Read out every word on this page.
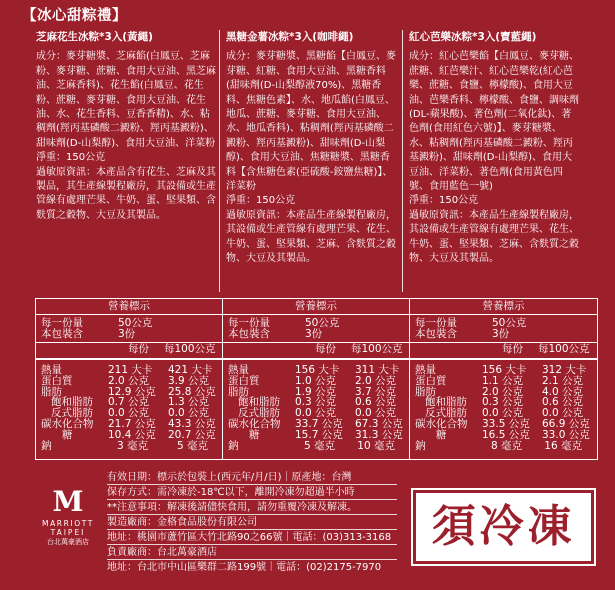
【冰心甜粽禮】
芝麻花生冰粽*3入(黃繩)

成分：麥芽糖漿、芝麻餡(白鳳豆、芝麻粉、麥芽糖、蔗糖、食用大豆油、黑芝麻油、芝麻香料)、花生餡(白鳳豆、花生粉、蔗糖、麥芽糖、食用大豆油、花生油、水、花生香料、豆香香精)、水、粘稠劑(羥丙基磷酸二澱粉、羥丙基澱粉)、甜味劑(D-山梨醇)、食用大豆油、洋菜粉

淨重：150公克

過敏原資訊：本產品含有花生、芝麻及其製品，其生產線製程廠房，其設備或生產管線有處理芒果、牛奶、蛋、堅果類、含麩質之穀物、大豆及其製品。

黑糖金薯冰粽*3入(咖啡繩)

成分：麥芽糖漿、黑糖餡【白鳳豆、麥芽糖、紅糖、食用大豆油、黑糖香料(甜味劑(D-山梨醇液70%)、黑糖香料、焦糖色素】、水、地瓜餡(白鳳豆、地瓜、蔗糖、麥芽糖、食用大豆油、水、地瓜香料)、粘稠劑(羥丙基磷酸二澱粉、羥丙基澱粉)、甜味劑(D-山梨醇)、食用大豆油、焦糖糖漿、黑糖香料【含焦糖色素(亞硫酸-銨鹽焦糖)】、洋菜粉

淨重：150公克

過敏原資訊：本產品生產線製程廠房，其設備或生產管線有處理芒果、花生、牛奶、蛋、堅果類、芝麻、含麩質之穀物、大豆及其製品。

紅心芭樂冰粽*3入(寶藍繩)

成分：紅心芭樂餡【白鳳豆、麥芽糖、蔗糖、紅芭樂汁、紅心芭樂乾(紅心芭樂、蔗糖、食鹽、檸檬酸)、食用大豆油、芭樂香料、檸檬酸、食鹽、調味劑(DL-蘋果酸)、著色劑(二氧化鈦)、著色劑(食用紅色六號)】、麥芽糖漿、水、粘稠劑(羥丙基磷酸二澱粉、羥丙基澱粉)、甜味劑(D-山梨醇)、食用大豆油、洋菜粉、著色劑(食用黃色四號、食用藍色一號)

淨重：150公克

過敏原資訊：本產品生產線製程廠房，其設備或生產管線有處理芒果、花生、牛奶、蛋、堅果類、芝麻、含麩質之穀物、大豆及其製品。

營養標示
每一份量	50公克
本包裝含	3份
每份 每100公克
熱量	211 大卡 421 大卡
蛋白質	2.0 公克 3.9 公克
脂肪	12.9 公克 25.8 公克
飽和脂肪 0.7 公克 1.3 公克
反式脂肪 0.0 公克 0.0 公克
碳水化合物 21.7 公克 43.3 公克
糖	10.4 公克 20.7 公克
鈉	3 毫克	5 毫克
營養標示
每一份量	50公克
本包裝含	3份
每份 每100公克
熱量	156 大卡 311 大卡
蛋白質	1.0 公克 2.0 公克
脂肪	1.9 公克 3.7 公克
飽和脂肪 0.3 公克 0.6 公克
反式脂肪 0.0 公克 0.0 公克
碳水化合物 33.7 公克 67.3 公克
糖	15.7 公克 31.3 公克
鈉	5 毫克 10 毫克
營養標示
每一份量	50公克
本包裝含	3份
每份 每100公克
熱量	156 大卡 312 大卡
蛋白質	1.1 公克 2.1 公克
脂肪	2.0 公克 4.0 公克
飽和脂肪 0.3 公克 0.6 公克
反式脂肪 0.0 公克 0.0 公克
碳水化合物 33.5 公克 66.9 公克
糖	16.5 公克 33.0 公克
鈉	8 毫克 16 毫克
M
MARRIOTT
TAIPEI
台北萬豪酒店
有效日期：標示於包裝上(西元年/月/日)｜原產地：台灣
保存方式：需冷凍於-18℃以下，離開冷凍勿超過半小時
**注意事項：解凍後請儘快食用，請勿重覆冷凍及解凍。
製造廠商：金格食品股份有限公司
地址：桃園市蘆竹區大竹北路90之66號｜電話：(03)313-3168
負責廠商：台北萬豪酒店
地址：台北市中山區樂群二路199號｜電話：(02)2175-7970
須冷凍
